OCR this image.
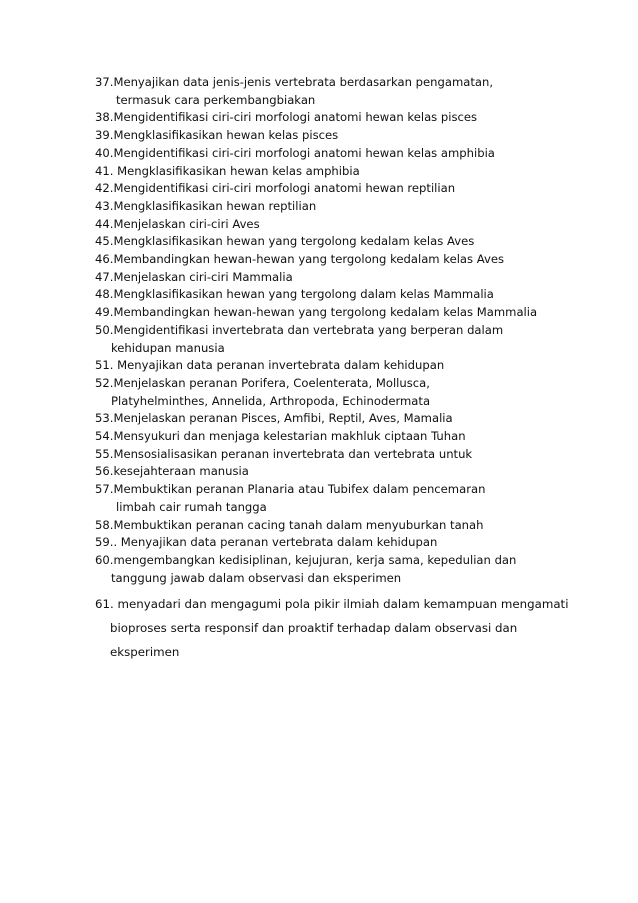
37.Menyajikan data jenis-jenis vertebrata berdasarkan pengamatan,
termasuk cara perkembangbiakan
38.Mengidentifikasi ciri-ciri morfologi anatomi hewan kelas pisces
39.Mengklasifikasikan hewan kelas pisces
40.Mengidentifikasi ciri-ciri morfologi anatomi hewan kelas amphibia
41. Mengklasifikasikan hewan kelas amphibia
42.Mengidentifikasi ciri-ciri morfologi anatomi hewan reptilian
43.Mengklasifikasikan hewan reptilian
44.Menjelaskan ciri-ciri Aves
45.Mengklasifikasikan hewan yang tergolong kedalam kelas Aves
46.Membandingkan hewan-hewan yang tergolong kedalam kelas Aves
47.Menjelaskan ciri-ciri Mammalia
48.Mengklasifikasikan hewan yang tergolong dalam kelas Mammalia
49.Membandingkan hewan-hewan yang tergolong kedalam kelas Mammalia
50.Mengidentifikasi invertebrata dan vertebrata yang berperan dalam
kehidupan manusia
51. Menyajikan data peranan invertebrata dalam kehidupan
52.Menjelaskan peranan Porifera, Coelenterata, Mollusca,
Platyhelminthes, Annelida, Arthropoda, Echinodermata
53.Menjelaskan peranan Pisces, Amfibi, Reptil, Aves, Mamalia
54.Mensyukuri dan menjaga kelestarian makhluk ciptaan Tuhan
55.Mensosialisasikan peranan invertebrata dan vertebrata untuk
56.kesejahteraan manusia
57.Membuktikan peranan Planaria atau Tubifex dalam pencemaran
limbah cair rumah tangga
58.Membuktikan peranan cacing tanah dalam menyuburkan tanah
59.. Menyajikan data peranan vertebrata dalam kehidupan
60.mengembangkan kedisiplinan, kejujuran, kerja sama, kepedulian dan
tanggung jawab dalam observasi dan eksperimen
61. menyadari dan mengagumi pola pikir ilmiah dalam kemampuan mengamati
bioproses serta responsif dan proaktif terhadap dalam observasi dan
eksperimen
